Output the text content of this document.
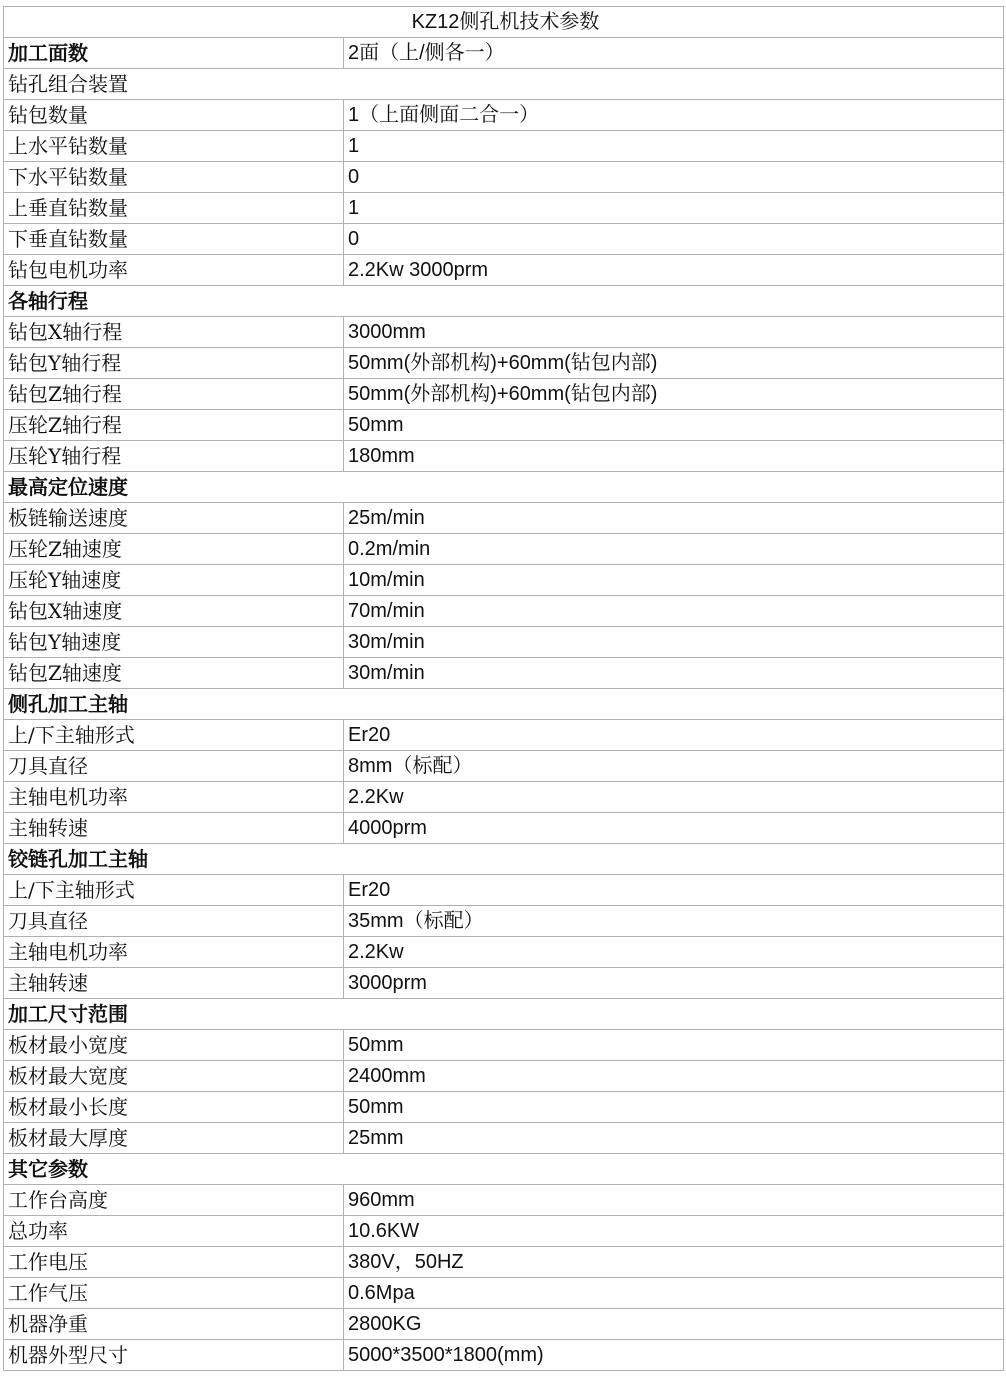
KZ12侧孔机技术参数	
加工面数	2面（上/侧各一）
钻孔组合装置	
钻包数量	1（上面侧面二合一）
上水平钻数量	1
下水平钻数量	0
上垂直钻数量	1
下垂直钻数量	0
钻包电机功率	2.2Kw 3000prm
各轴行程	
钻包X轴行程	3000mm
钻包Y轴行程	50mm(外部机构)+60mm(钻包内部)
钻包Z轴行程	50mm(外部机构)+60mm(钻包内部)
压轮Z轴行程	50mm
压轮Y轴行程	180mm
最高定位速度	
板链输送速度	25m/min
压轮Z轴速度	0.2m/min
压轮Y轴速度	10m/min
钻包X轴速度	70m/min
钻包Y轴速度	30m/min
钻包Z轴速度	30m/min
侧孔加工主轴	
上/下主轴形式	Er20
刀具直径	8mm（标配）
主轴电机功率	2.2Kw
主轴转速	4000prm
铰链孔加工主轴	
上/下主轴形式	Er20
刀具直径	35mm（标配）
主轴电机功率	2.2Kw
主轴转速	3000prm
加工尺寸范围	
板材最小宽度	50mm
板材最大宽度	2400mm
板材最小长度	50mm
板材最大厚度	25mm
其它参数	
工作台高度	960mm
总功率	10.6KW
工作电压	380V，50HZ
工作气压	0.6Mpa
机器净重	2800KG
机器外型尺寸	5000*3500*1800(mm)
